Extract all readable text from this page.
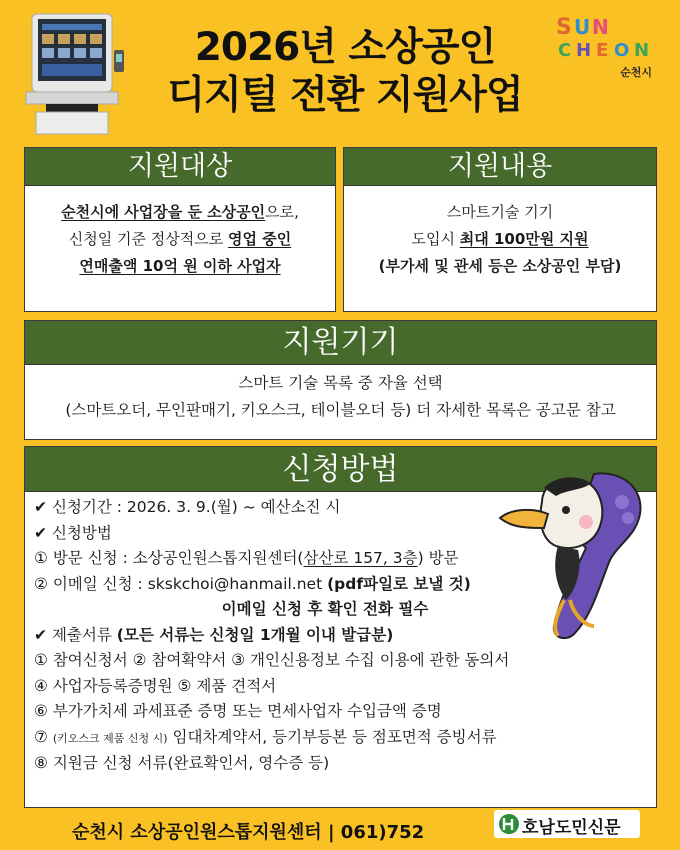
2026년 소상공인
디지털 전환 지원사업
S U N
C H E O N
순천시
지원대상
순천시에 사업장을 둔 소상공인으로,
신청일 기준 정상적으로 영업 중인
연매출액 10억 원 이하 사업자
지원내용
스마트기술 기기
도입시 최대 100만원 지원
(부가세 및 관세 등은 소상공인 부담)
지원기기
스마트 기술 목록 중 자율 선택
(스마트오더, 무인판매기, 키오스크, 테이블오더 등) 더 자세한 목록은 공고문 참고
신청방법
✔ 신청기간 : 2026. 3. 9.(월) ~ 예산소진 시
✔ 신청방법
① 방문 신청 : 소상공인원스톱지원센터(삼산로 157, 3층) 방문
② 이메일 신청 : skskchoi@hanmail.net (pdf파일로 보낼 것)
이메일 신청 후 확인 전화 필수
✔ 제출서류 (모든 서류는 신청일 1개월 이내 발급분)
① 참여신청서 ② 참여확약서 ③ 개인신용정보 수집 이용에 관한 동의서
④ 사업자등록증명원 ⑤ 제품 견적서
⑥ 부가가치세 과세표준 증명 또는 면세사업자 수입금액 증명
⑦ (키오스크 제품 신청 시) 임대차계약서, 등기부등본 등 점포면적 증빙서류
⑧ 지원금 신청 서류(완료확인서, 영수증 등)
순천시 소상공인원스톱지원센터 | 061)752	호남도민신문
